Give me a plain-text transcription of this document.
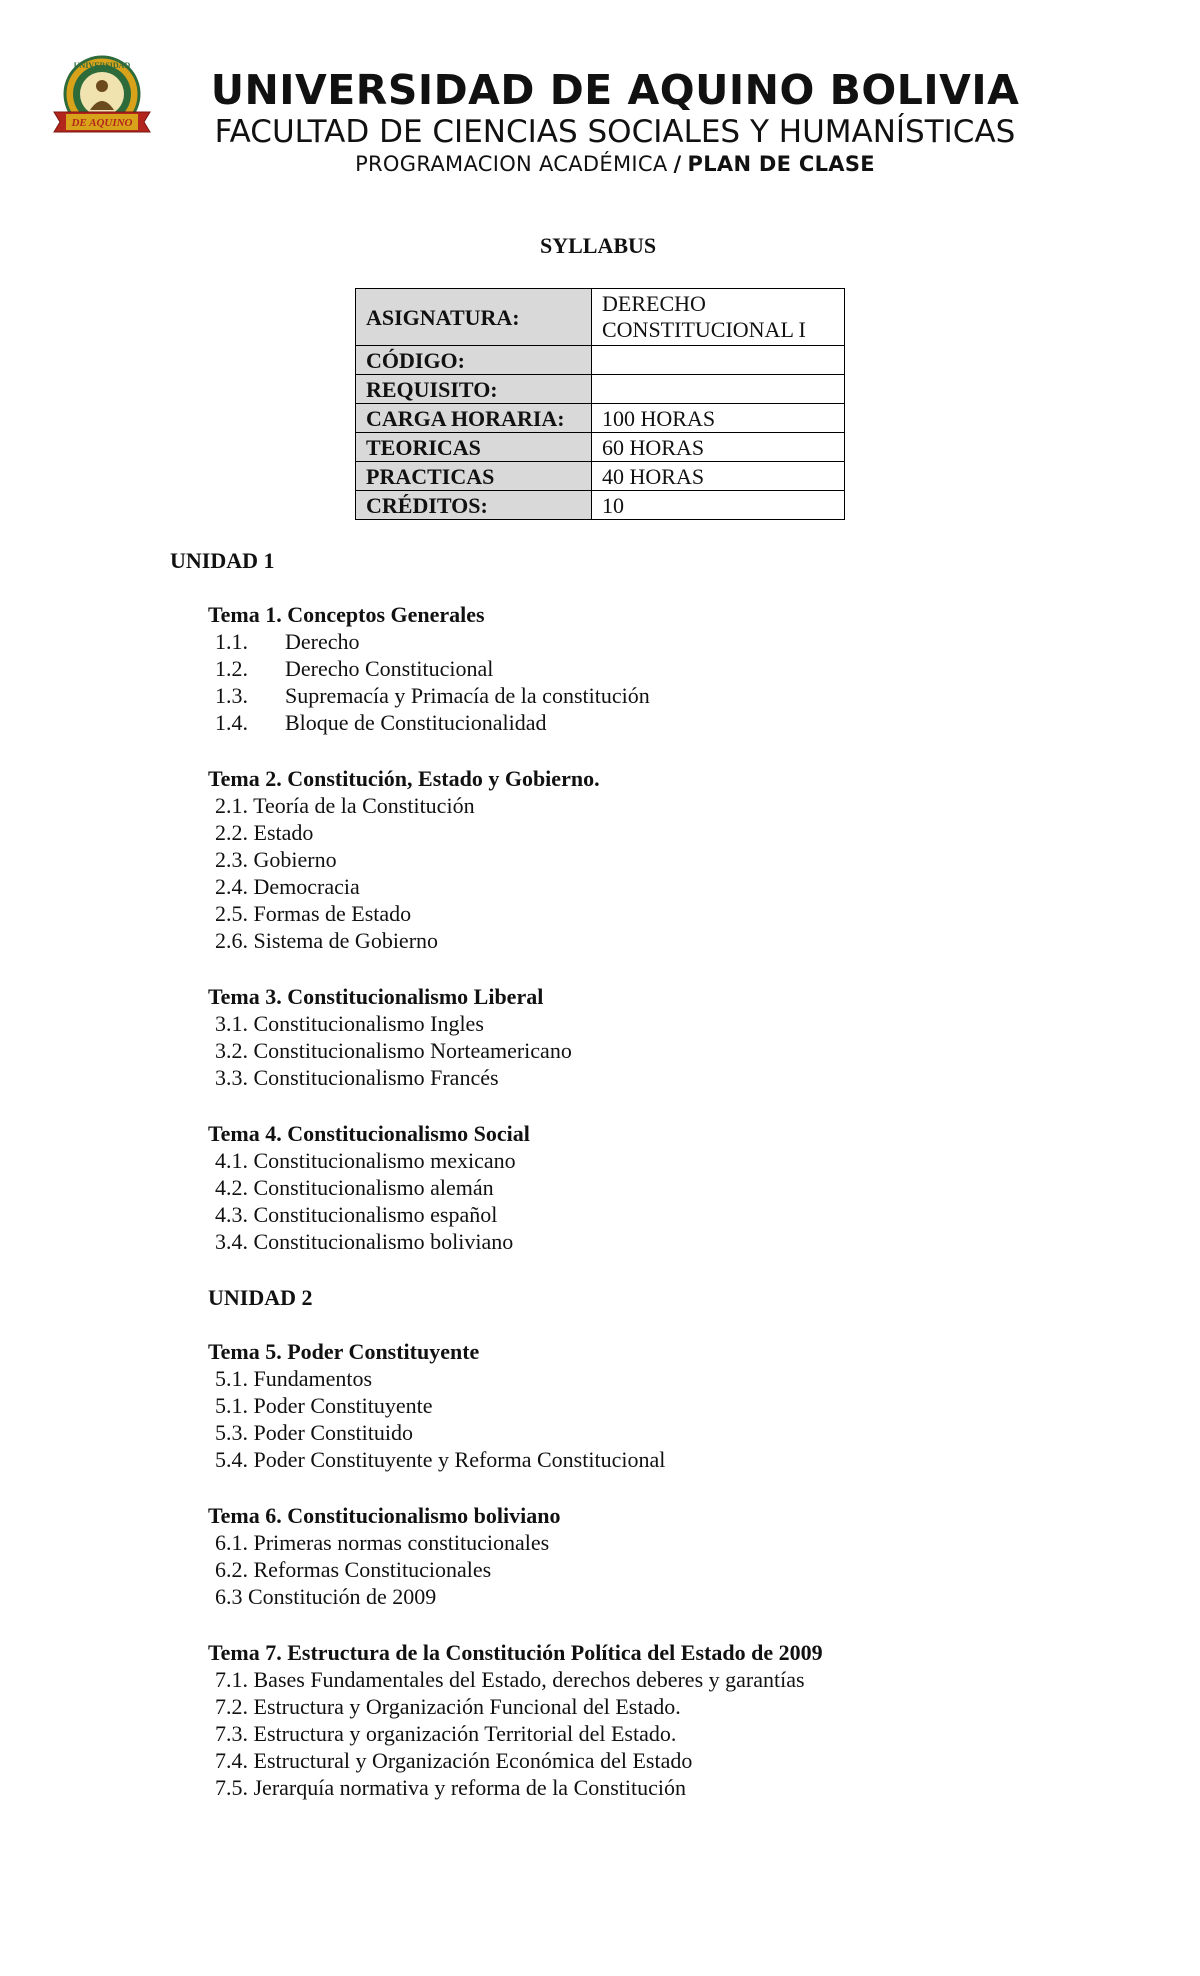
DE AQUINO
UNIVERSIDAD
UNIVERSIDAD DE AQUINO BOLIVIA
FACULTAD DE CIENCIAS SOCIALES Y HUMANÍSTICAS
PROGRAMACION ACADÉMICA / PLAN DE CLASE
SYLLABUS
ASIGNATURA:	DERECHO
CONSTITUCIONAL I
CÓDIGO:	
REQUISITO:	
CARGA HORARIA:	100 HORAS
TEORICAS	60 HORAS
PRACTICAS	40 HORAS
CRÉDITOS:	10
UNIDAD 1
Tema 1. Conceptos Generales
1.1. Derecho
1.2. Derecho Constitucional
1.3. Supremacía y Primacía de la constitución
1.4. Bloque de Constitucionalidad
Tema 2. Constitución, Estado y Gobierno.
2.1. Teoría de la Constitución
2.2. Estado
2.3. Gobierno
2.4. Democracia
2.5. Formas de Estado
2.6. Sistema de Gobierno
Tema 3. Constitucionalismo Liberal
3.1. Constitucionalismo Ingles
3.2. Constitucionalismo Norteamericano
3.3. Constitucionalismo Francés
Tema 4. Constitucionalismo Social
4.1. Constitucionalismo mexicano
4.2. Constitucionalismo alemán
4.3. Constitucionalismo español
3.4. Constitucionalismo boliviano
UNIDAD 2
Tema 5. Poder Constituyente
5.1. Fundamentos
5.1. Poder Constituyente
5.3. Poder Constituido
5.4. Poder Constituyente y Reforma Constitucional
Tema 6. Constitucionalismo boliviano
6.1. Primeras normas constitucionales
6.2. Reformas Constitucionales
6.3 Constitución de 2009
Tema 7. Estructura de la Constitución Política del Estado de 2009
7.1. Bases Fundamentales del Estado, derechos deberes y garantías
7.2. Estructura y Organización Funcional del Estado.
7.3. Estructura y organización Territorial del Estado.
7.4. Estructural y Organización Económica del Estado
7.5. Jerarquía normativa y reforma de la Constitución
